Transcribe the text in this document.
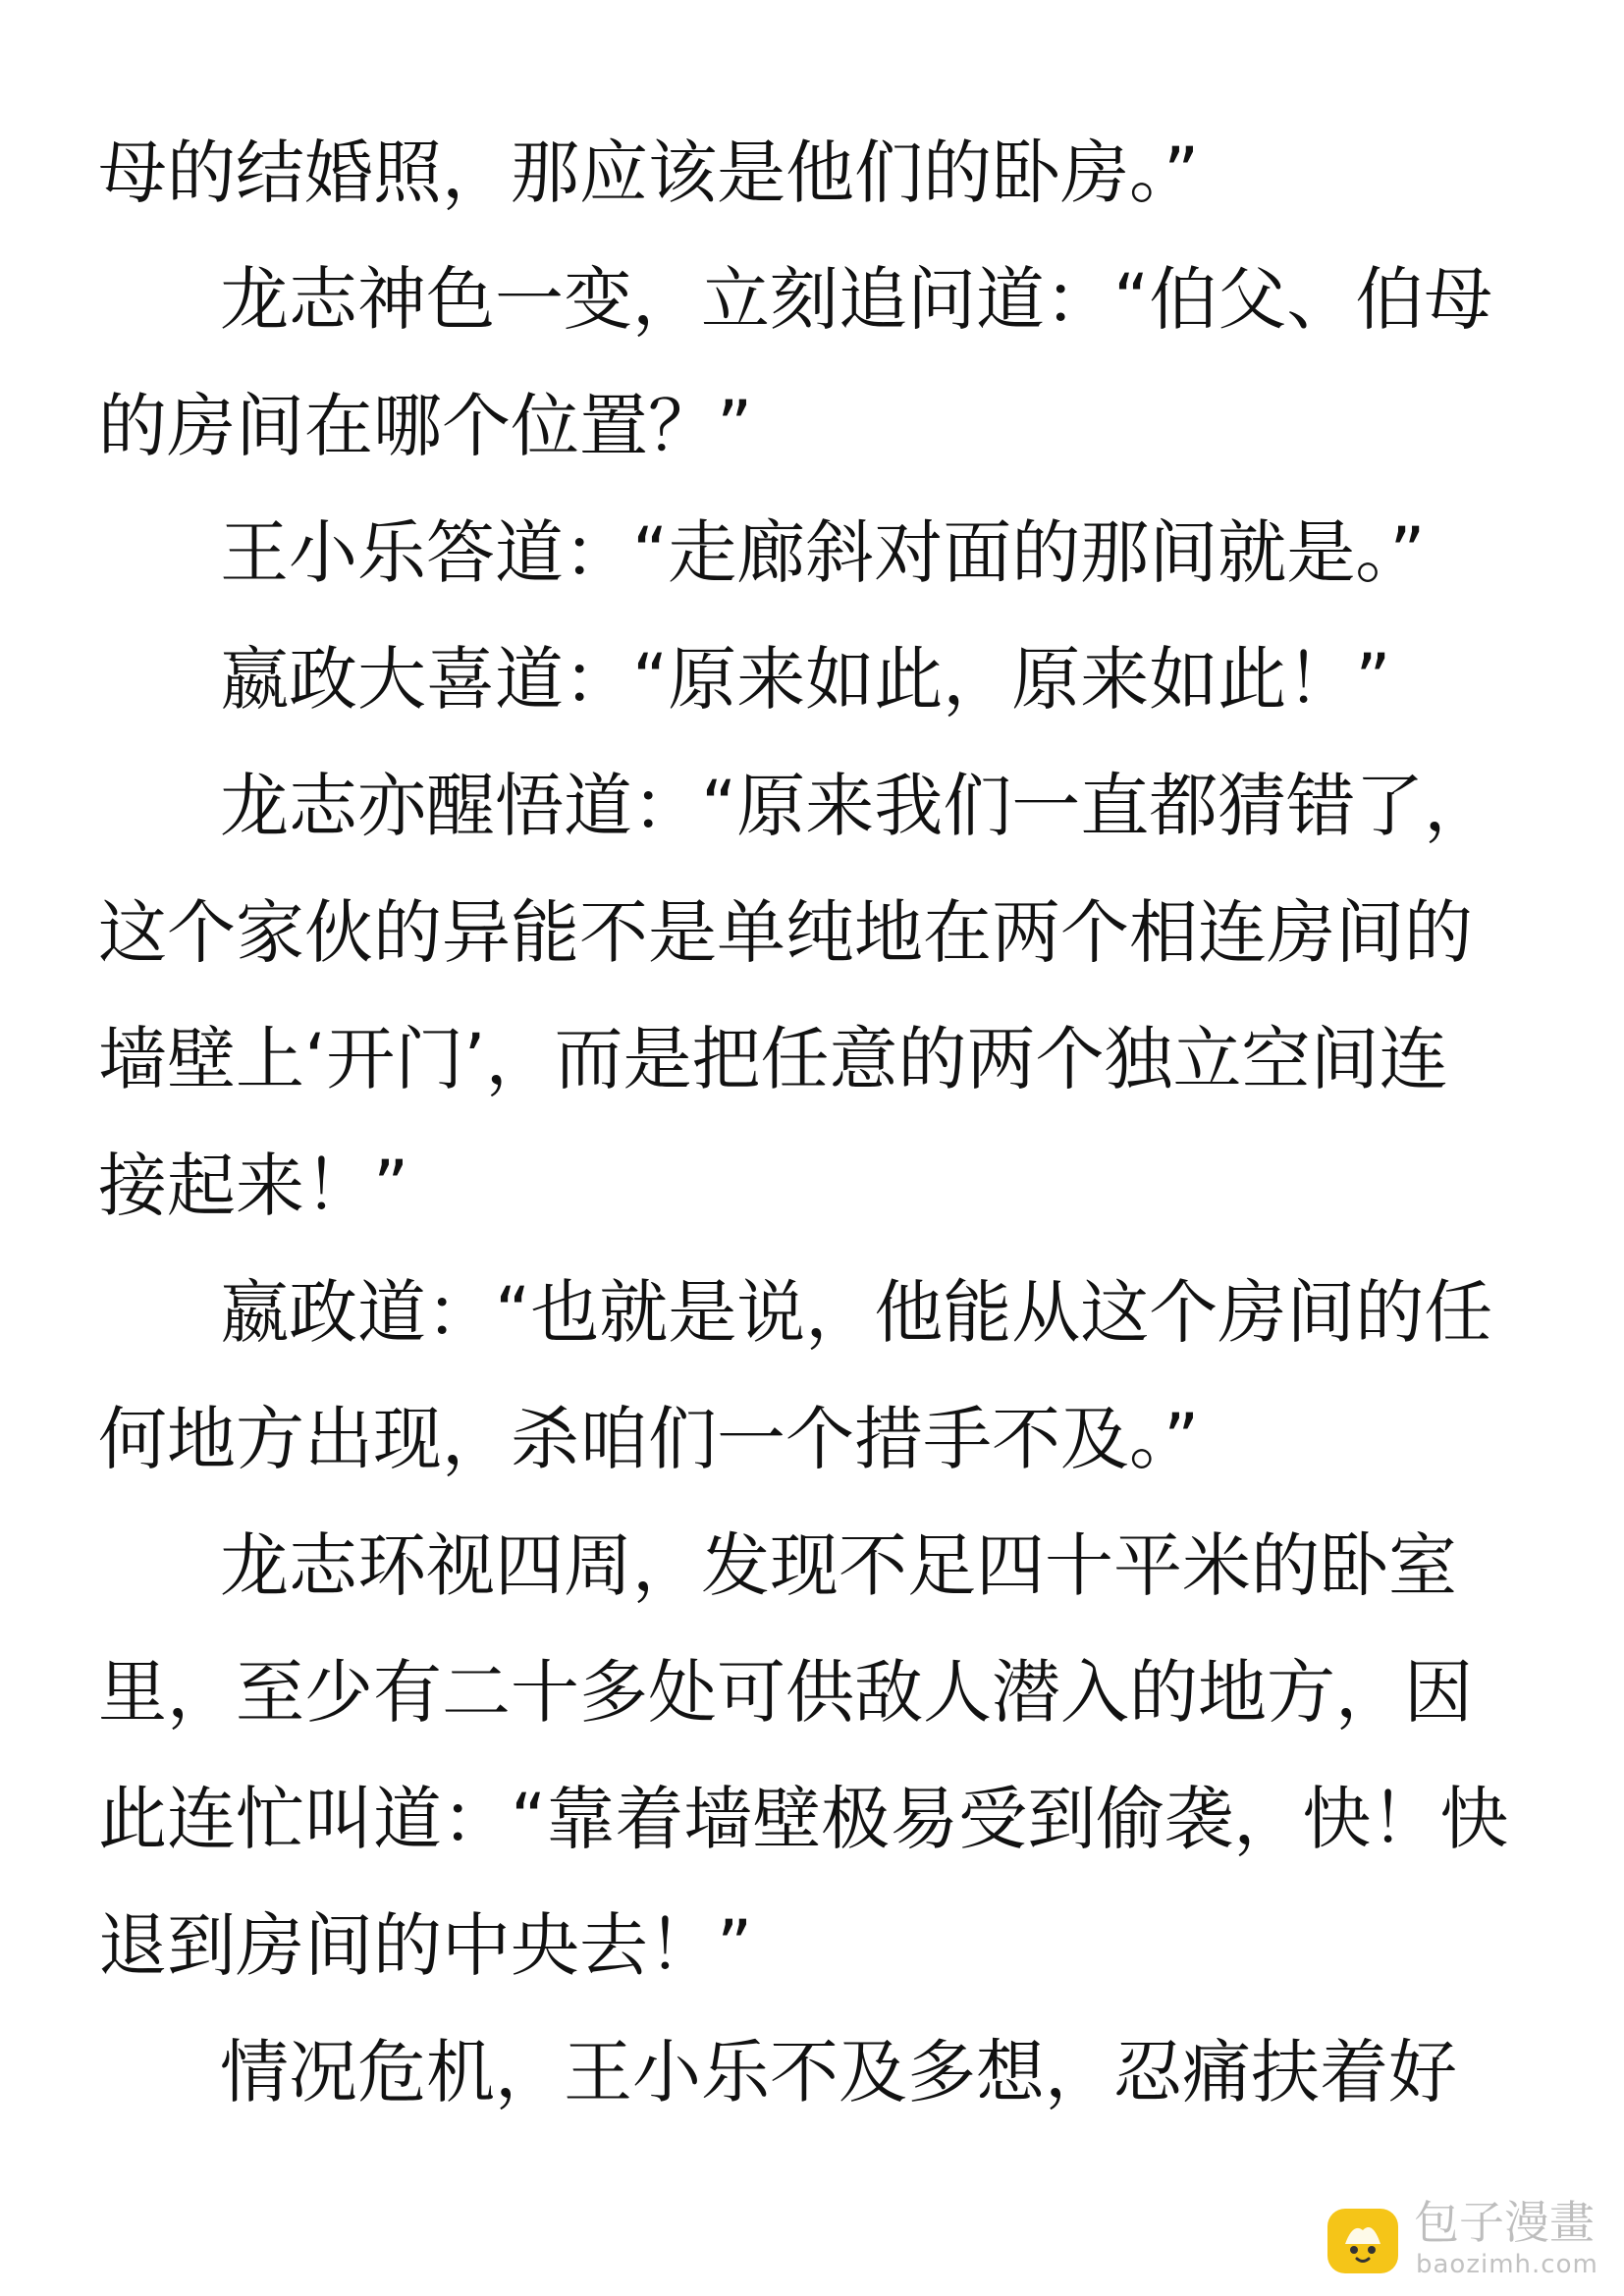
母的结婚照，那应该是他们的卧房。”
龙志神色一变，立刻追问道：“伯父、伯母
的房间在哪个位置？”
王小乐答道：“走廊斜对面的那间就是。”
嬴政大喜道：“原来如此，原来如此！”
龙志亦醒悟道：“原来我们一直都猜错了，
这个家伙的异能不是单纯地在两个相连房间的
墙壁上‘开门’，而是把任意的两个独立空间连
接起来！”
嬴政道：“也就是说，他能从这个房间的任
何地方出现，杀咱们一个措手不及。”
龙志环视四周，发现不足四十平米的卧室
里，至少有二十多处可供敌人潜入的地方，因
此连忙叫道：“靠着墙壁极易受到偷袭，快！快
退到房间的中央去！”
情况危机，王小乐不及多想，忍痛扶着好
包子漫畫
baozimh.com
